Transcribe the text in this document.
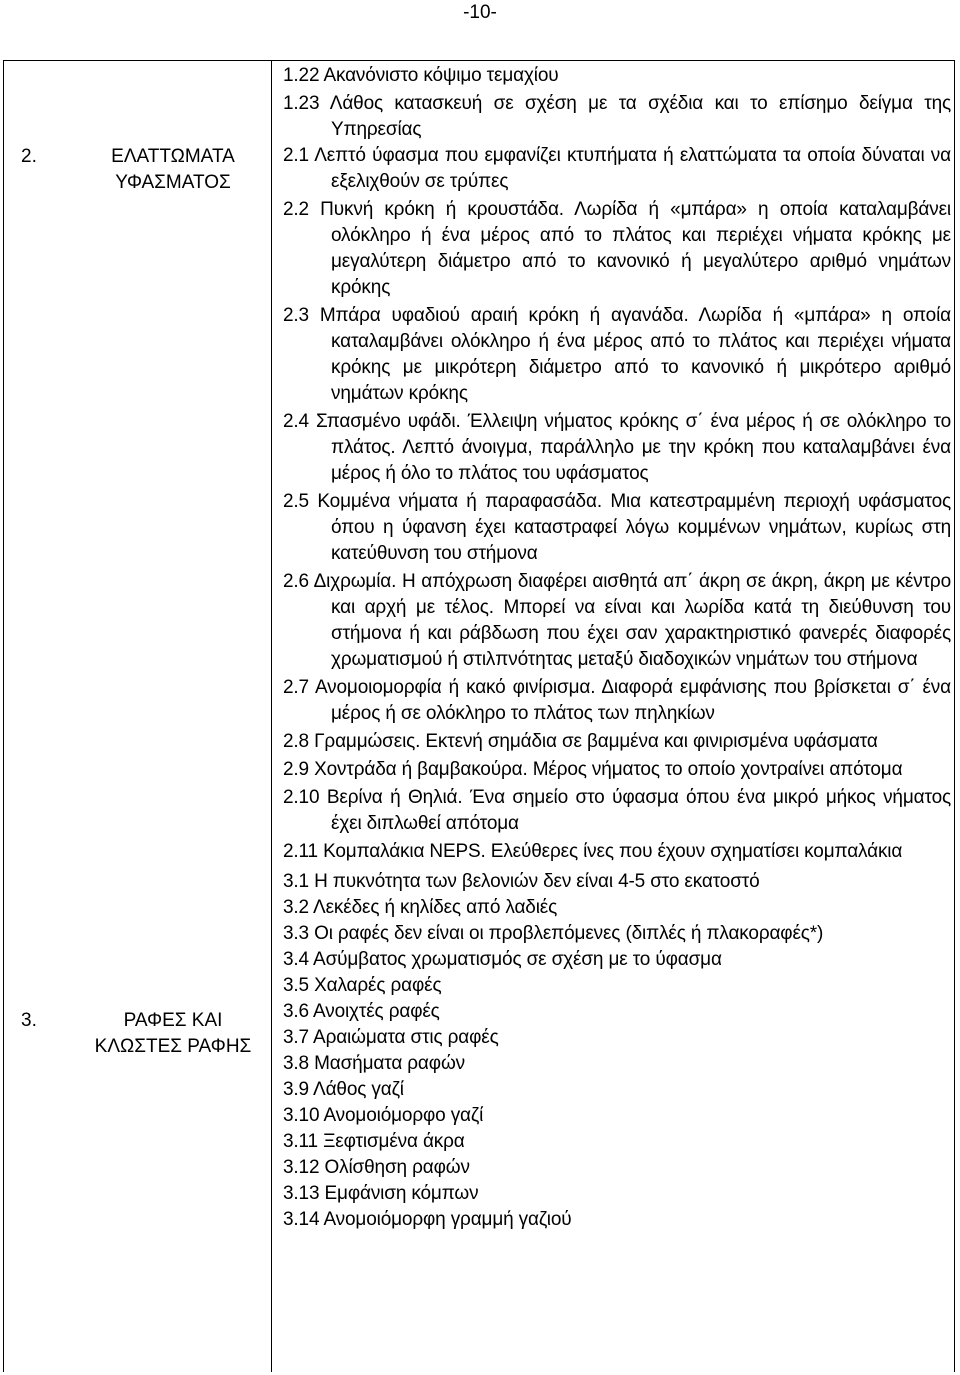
-10-
2.	ΕΛΑΤΤΩΜΑΤΑ
ΥΦΑΣΜΑΤΟΣ
3.	ΡΑΦΕΣ ΚΑΙ
ΚΛΩΣΤΕΣ ΡΑΦΗΣ

1.22 Ακανόνιστο κόψιμο τεμαχίου

1.23 Λάθος κατασκευή σε σχέση με τα σχέδια και το επίσημο δείγμα της Υπηρεσίας

2.1 Λεπτό ύφασμα που εμφανίζει κτυπήματα ή ελαττώματα τα οποία δύναται να εξελιχθούν σε τρύπες

2.2 Πυκνή κρόκη ή κρουστάδα. Λωρίδα ή «μπάρα» η οποία καταλαμβάνει ολόκληρο ή ένα μέρος από το πλάτος και περιέχει νήματα κρόκης με μεγαλύτερη διάμετρο από το κανονικό ή μεγαλύτερο αριθμό νημάτων κρόκης

2.3 Μπάρα υφαδιού αραιή κρόκη ή αγανάδα. Λωρίδα ή «μπάρα» η οποία καταλαμβάνει ολόκληρο ή ένα μέρος από το πλάτος και περιέχει νήματα κρόκης με μικρότερη διάμετρο από το κανονικό ή μικρότερο αριθμό νημάτων κρόκης

2.4 Σπασμένο υφάδι. Έλλειψη νήματος κρόκης σ΄ ένα μέρος ή σε ολόκληρο το πλάτος. Λεπτό άνοιγμα, παράλληλο με την κρόκη που καταλαμβάνει ένα μέρος ή όλο το πλάτος του υφάσματος

2.5 Κομμένα νήματα ή παραφασάδα. Μια κατεστραμμένη περιοχή υφάσματος όπου η ύφανση έχει καταστραφεί λόγω κομμένων νημάτων, κυρίως στη κατεύθυνση του στήμονα

2.6 Διχρωμία. Η απόχρωση διαφέρει αισθητά απ΄ άκρη σε άκρη, άκρη με κέντρο και αρχή με τέλος. Μπορεί να είναι και λωρίδα κατά τη διεύθυνση του στήμονα ή και ράβδωση που έχει σαν χαρακτηριστικό φανερές διαφορές χρωματισμού ή στιλπνότητας μεταξύ διαδοχικών νημάτων του στήμονα

2.7 Ανομοιομορφία ή κακό φινίρισμα. Διαφορά εμφάνισης που βρίσκεται σ΄ ένα μέρος ή σε ολόκληρο το πλάτος των πηληκίων

2.8 Γραμμώσεις. Εκτενή σημάδια σε βαμμένα και φινιρισμένα υφάσματα

2.9 Χοντράδα ή βαμβακούρα. Μέρος νήματος το οποίο χοντραίνει απότομα

2.10 Βερίνα ή Θηλιά. Ένα σημείο στο ύφασμα όπου ένα μικρό μήκος νήματος έχει διπλωθεί απότομα

2.11 Κομπαλάκια NEPS. Ελεύθερες ίνες που έχουν σχηματίσει κομπαλάκια

3.1 Η πυκνότητα των βελονιών δεν είναι 4-5 στο εκατοστό

3.2 Λεκέδες ή κηλίδες από λαδιές

3.3 Οι ραφές δεν είναι οι προβλεπόμενες (διπλές ή πλακοραφές*)

3.4 Ασύμβατος χρωματισμός σε σχέση με το ύφασμα

3.5 Χαλαρές ραφές

3.6 Ανοιχτές ραφές

3.7 Αραιώματα στις ραφές

3.8 Μασήματα ραφών

3.9 Λάθος γαζί

3.10 Ανομοιόμορφο γαζί

3.11 Ξεφτισμένα άκρα

3.12 Ολίσθηση ραφών

3.13 Εμφάνιση κόμπων

3.14 Ανομοιόμορφη γραμμή γαζιού
